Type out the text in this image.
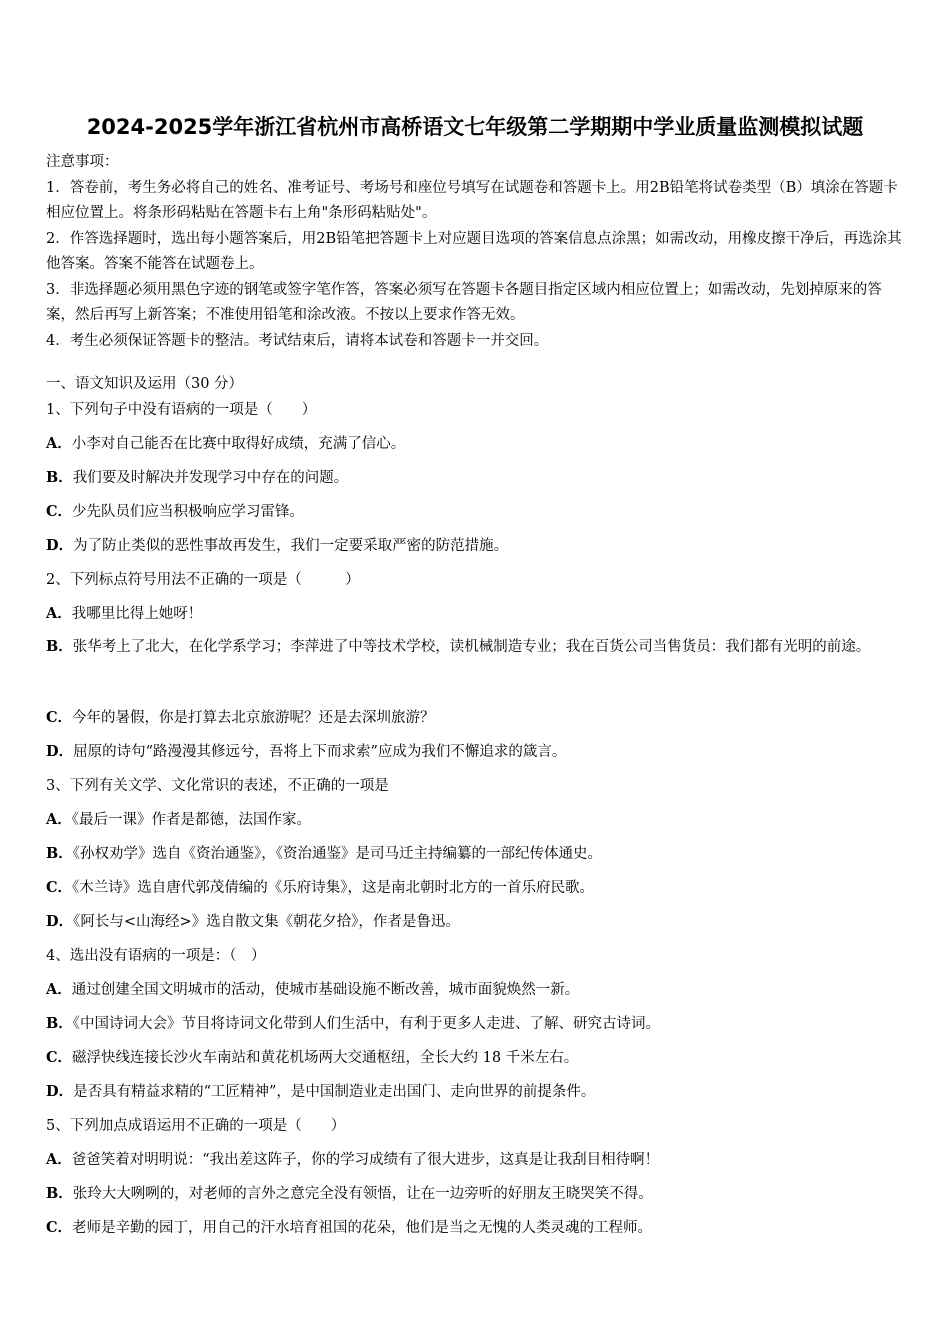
2024-2025学年浙江省杭州市高桥语文七年级第二学期期中学业质量监测模拟试题

注意事项：

1．答卷前，考生务必将自己的姓名、准考证号、考场号和座位号填写在试题卷和答题卡上。用2B铅笔将试卷类型（B）填涂在答题卡相应位置上。将条形码粘贴在答题卡右上角"条形码粘贴处"。

2．作答选择题时，选出每小题答案后，用2B铅笔把答题卡上对应题目选项的答案信息点涂黑；如需改动，用橡皮擦干净后，再选涂其他答案。答案不能答在试题卷上。

3．非选择题必须用黑色字迹的钢笔或签字笔作答，答案必须写在答题卡各题目指定区域内相应位置上；如需改动，先划掉原来的答案，然后再写上新答案；不准使用铅笔和涂改液。不按以上要求作答无效。

4．考生必须保证答题卡的整洁。考试结束后，请将本试卷和答题卡一并交回。

一、语文知识及运用（30 分）
1、下列句子中没有语病的一项是（　　）
A．小李对自己能否在比赛中取得好成绩，充满了信心。
B．我们要及时解决并发现学习中存在的问题。
C．少先队员们应当积极响应学习雷锋。
D．为了防止类似的恶性事故再发生，我们一定要采取严密的防范措施。
2、下列标点符号用法不正确的一项是（　　　）
A．我哪里比得上她呀！
B．张华考上了北大，在化学系学习；李萍进了中等技术学校，读机械制造专业；我在百货公司当售货员：我们都有光明的前途。
C．今年的暑假，你是打算去北京旅游呢？还是去深圳旅游？
D．屈原的诗句“路漫漫其修远兮，吾将上下而求索”应成为我们不懈追求的箴言。
3、下列有关文学、文化常识的表述，不正确的一项是
A．《最后一课》作者是都德，法国作家。
B．《孙权劝学》选自《资治通鉴》，《资治通鉴》是司马迁主持编纂的一部纪传体通史。
C．《木兰诗》选自唐代郭茂倩编的《乐府诗集》，这是南北朝时北方的一首乐府民歌。
D．《阿长与<山海经>》选自散文集《朝花夕拾》，作者是鲁迅。
4、选出没有语病的一项是：（　）
A．通过创建全国文明城市的活动，使城市基础设施不断改善，城市面貌焕然一新。
B．《中国诗词大会》节目将诗词文化带到人们生活中，有利于更多人走进、了解、研究古诗词。
C．磁浮快线连接长沙火车南站和黄花机场两大交通枢纽，全长大约 18 千米左右。
D．是否具有精益求精的“工匠精神”，是中国制造业走出国门、走向世界的前提条件。
5、下列加点成语运用不正确的一项是（　　）
A．爸爸笑着对明明说：“我出差这阵子，你的学习成绩有了很大进步，这真是让我刮目相待啊！
B．张玲大大咧咧的，对老师的言外之意完全没有领悟，让在一边旁听的好朋友王晓哭笑不得。
C．老师是辛勤的园丁，用自己的汗水培育祖国的花朵，他们是当之无愧的人类灵魂的工程师。
